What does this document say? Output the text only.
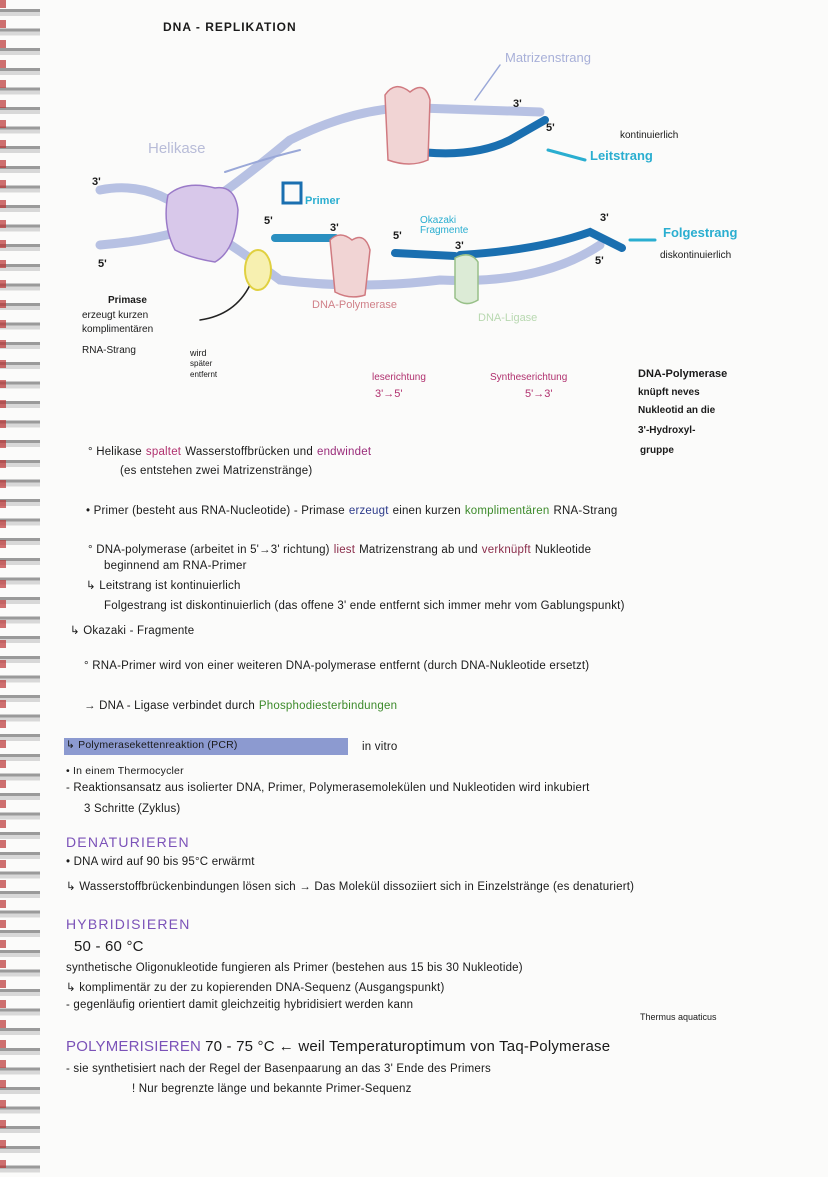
DNA - REPLIKATION
Matrizenstrang
Helikase
3'
5'
kontinuierlich
Leitstrang
3'
5'
Primer
5'
3'
5'
Okazaki Fragmente
3'
3'
5'
Folgestrang
diskontinuierlich
DNA-Polymerase
DNA-Ligase
Primase
erzeugt kurzen
komplimentären
RNA-Strang	wird
später
entfernt	leserichtung
3'→5'
Syntheserichtung
5'→3'
DNA-Polymerase
knüpft neves
Nukleotid an die
3'-Hydroxyl-
gruppe
° Helikase spaltet Wasserstoffbrücken und endwindet
(es entstehen zwei Matrizenstränge)
• Primer (besteht aus RNA-Nucleotide) - Primase erzeugt einen kurzen komplimentären RNA-Strang
° DNA-polymerase (arbeitet in 5'→3' richtung) liest Matrizenstrang ab und verknüpft Nukleotide
beginnend am RNA-Primer
↳ Leitstrang ist kontinuierlich
Folgestrang ist diskontinuierlich (das offene 3' ende entfernt sich immer mehr vom Gablungspunkt)
↳ Okazaki - Fragmente
° RNA-Primer wird von einer weiteren DNA-polymerase entfernt (durch DNA-Nukleotide ersetzt)
→ DNA - Ligase verbindet durch Phosphodiesterbindungen
↳ Polymerasekettenreaktion (PCR)	in vitro
• In einem Thermocycler
- Reaktionsansatz aus isolierter DNA, Primer, Polymerasemolekülen und Nukleotiden wird inkubiert
3 Schritte (Zyklus)
DENATURIEREN
• DNA wird auf 90 bis 95°C erwärmt
↳ Wasserstoffbrückenbindungen lösen sich → Das Molekül dissoziiert sich in Einzelstränge (es denaturiert)
HYBRIDISIEREN
50 - 60 °C
synthetische Oligonukleotide fungieren als Primer (bestehen aus 15 bis 30 Nukleotide)
↳ komplimentär zu der zu kopierenden DNA-Sequenz (Ausgangspunkt)
- gegenläufig orientiert damit gleichzeitig hybridisiert werden kann
Thermus aquaticus
POLYMERISIEREN 70 - 75 °C ← weil Temperaturoptimum von Taq-Polymerase
- sie synthetisiert nach der Regel der Basenpaarung an das 3' Ende des Primers
! Nur begrenzte länge und bekannte Primer-Sequenz
